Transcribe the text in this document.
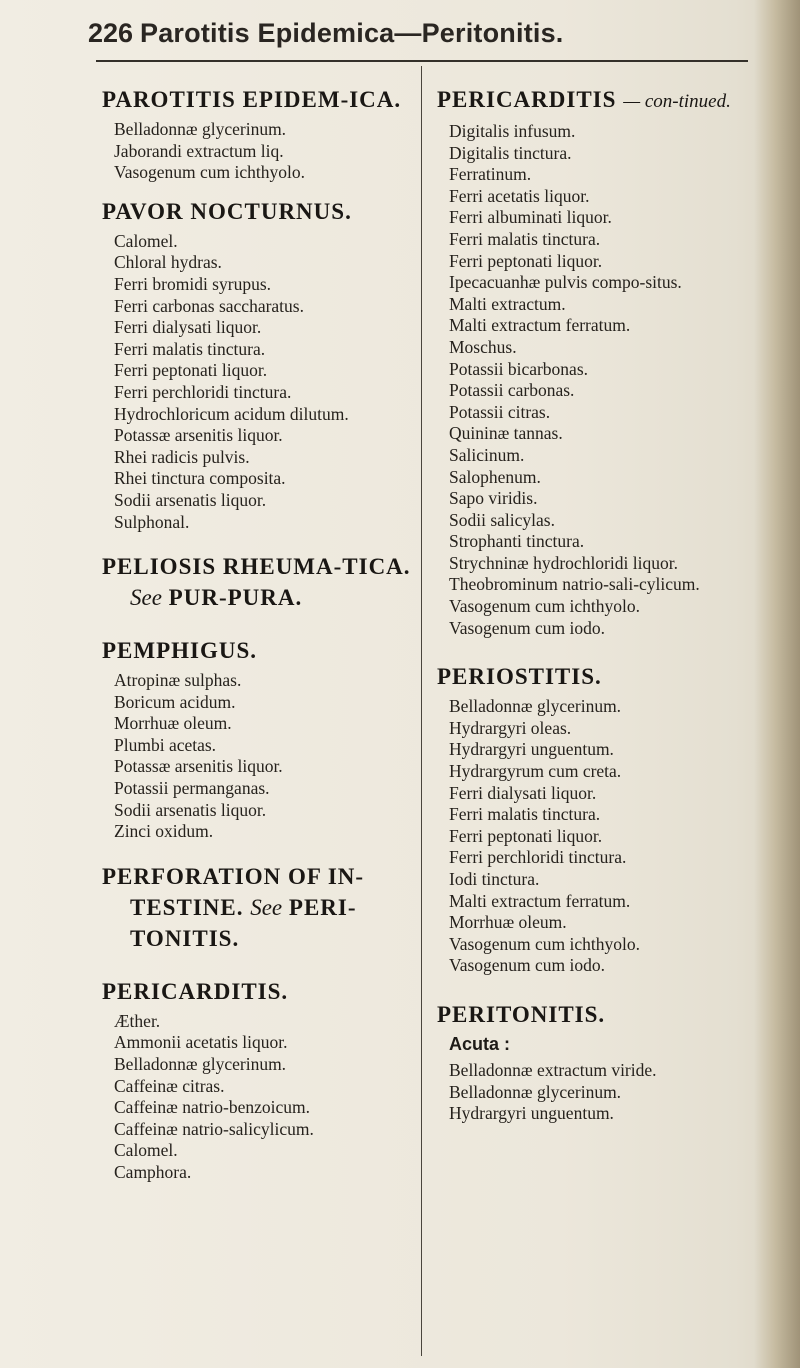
226 Parotitis Epidemica—Peritonitis.
PAROTITIS EPIDEM-ICA.
Belladonnæ glycerinum.
Jaborandi extractum liq.
Vasogenum cum ichthyolo.
PAVOR NOCTURNUS.
Calomel.
Chloral hydras.
Ferri bromidi syrupus.
Ferri carbonas saccharatus.
Ferri dialysati liquor.
Ferri malatis tinctura.
Ferri peptonati liquor.
Ferri perchloridi tinctura.
Hydrochloricum acidum dilutum.
Potassæ arsenitis liquor.
Rhei radicis pulvis.
Rhei tinctura composita.
Sodii arsenatis liquor.
Sulphonal.
PELIOSIS RHEUMA-TICA. See PUR-PURA.
PEMPHIGUS.
Atropinæ sulphas.
Boricum acidum.
Morrhuæ oleum.
Plumbi acetas.
Potassæ arsenitis liquor.
Potassii permanganas.
Sodii arsenatis liquor.
Zinci oxidum.
PERFORATION OF IN-TESTINE. See PERI-TONITIS.
PERICARDITIS.
Æther.
Ammonii acetatis liquor.
Belladonnæ glycerinum.
Caffeinæ citras.
Caffeinæ natrio-benzoicum.
Caffeinæ natrio-salicylicum.
Calomel.
Camphora.
PERICARDITIS — con-tinued.
Digitalis infusum.
Digitalis tinctura.
Ferratinum.
Ferri acetatis liquor.
Ferri albuminati liquor.
Ferri malatis tinctura.
Ferri peptonati liquor.
Ipecacuanhæ pulvis compo-situs.
Malti extractum.
Malti extractum ferratum.
Moschus.
Potassii bicarbonas.
Potassii carbonas.
Potassii citras.
Quininæ tannas.
Salicinum.
Salophenum.
Sapo viridis.
Sodii salicylas.
Strophanti tinctura.
Strychninæ hydrochloridi liquor.
Theobrominum natrio-sali-cylicum.
Vasogenum cum ichthyolo.
Vasogenum cum iodo.
PERIOSTITIS.
Belladonnæ glycerinum.
Hydrargyri oleas.
Hydrargyri unguentum.
Hydrargyrum cum creta.
Ferri dialysati liquor.
Ferri malatis tinctura.
Ferri peptonati liquor.
Ferri perchloridi tinctura.
Iodi tinctura.
Malti extractum ferratum.
Morrhuæ oleum.
Vasogenum cum ichthyolo.
Vasogenum cum iodo.
PERITONITIS.
Acuta :
Belladonnæ extractum viride.
Belladonnæ glycerinum.
Hydrargyri unguentum.
